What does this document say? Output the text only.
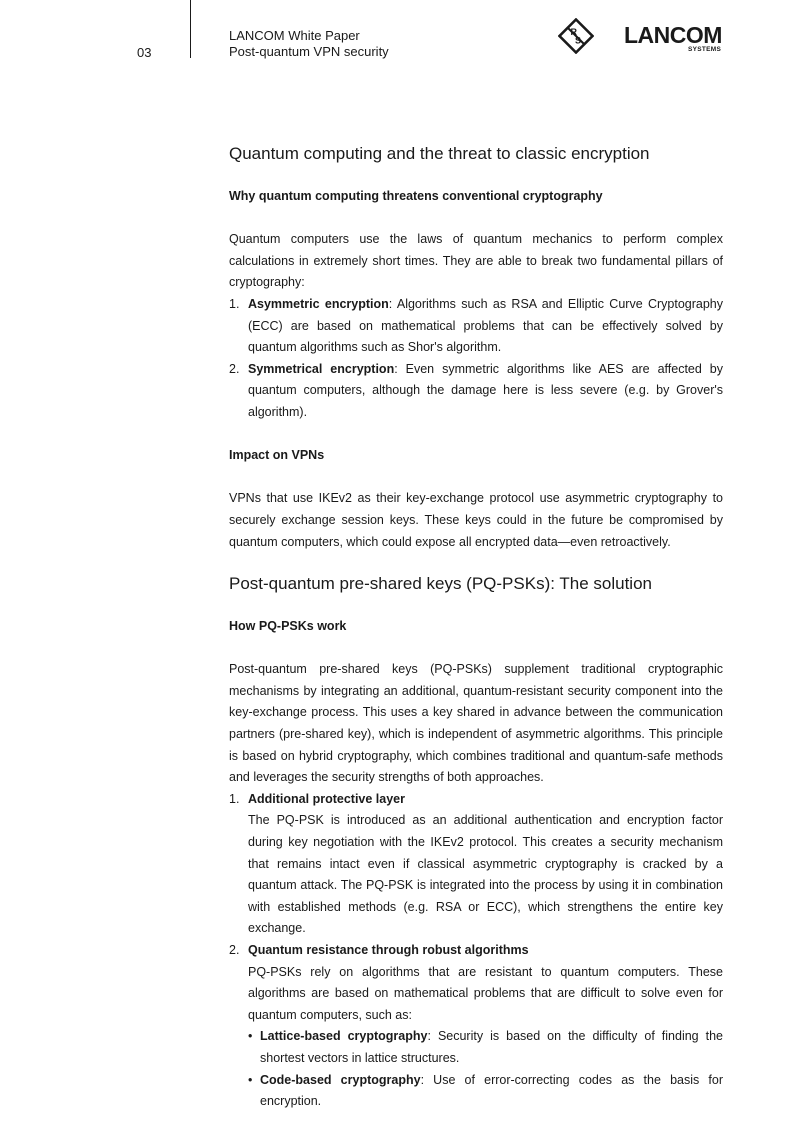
03
LANCOM White Paper
Post-quantum VPN security
R
S LANCOM
SYSTEMS
Quantum computing and the threat to classic encryption
Why quantum computing threatens conventional cryptography

Quantum computers use the laws of quantum mechanics to perform complex calculations in extremely short times. They are able to break two fundamental pillars of cryptography:

1. Asymmetric encryption: Algorithms such as RSA and Elliptic Curve Cryptography (ECC) are based on mathematical problems that can be effectively solved by quantum algorithms such as Shor's algorithm.
2. Symmetrical encryption: Even symmetric algorithms like AES are affected by quantum computers, although the damage here is less severe (e.g. by Grover's algorithm).
Impact on VPNs

VPNs that use IKEv2 as their key-exchange protocol use asymmetric cryptography to securely exchange session keys. These keys could in the future be compromised by quantum computers, which could expose all encrypted data—even retroactively.

Post-quantum pre-shared keys (PQ-PSKs): The solution
How PQ-PSKs work

Post-quantum pre-shared keys (PQ-PSKs) supplement traditional cryptographic mechanisms by integrating an additional, quantum-resistant security component into the key-exchange process. This uses a key shared in advance between the communication partners (pre-shared key), which is independent of asymmetric algorithms. This principle is based on hybrid cryptography, which combines traditional and quantum-safe methods and leverages the security strengths of both approaches.

1. Additional protective layer
The PQ-PSK is introduced as an additional authentication and encryption factor during key negotiation with the IKEv2 protocol. This creates a security mechanism that remains intact even if classical asymmetric cryptography is cracked by a quantum attack. The PQ-PSK is integrated into the process by using it in combination with established methods (e.g. RSA or ECC), which strengthens the entire key exchange.
2. Quantum resistance through robust algorithms
PQ-PSKs rely on algorithms that are resistant to quantum computers. These algorithms are based on mathematical problems that are difficult to solve even for quantum computers, such as:
• Lattice-based cryptography: Security is based on the difficulty of finding the shortest vectors in lattice structures.
• Code-based cryptography: Use of error-correcting codes as the basis for encryption.
